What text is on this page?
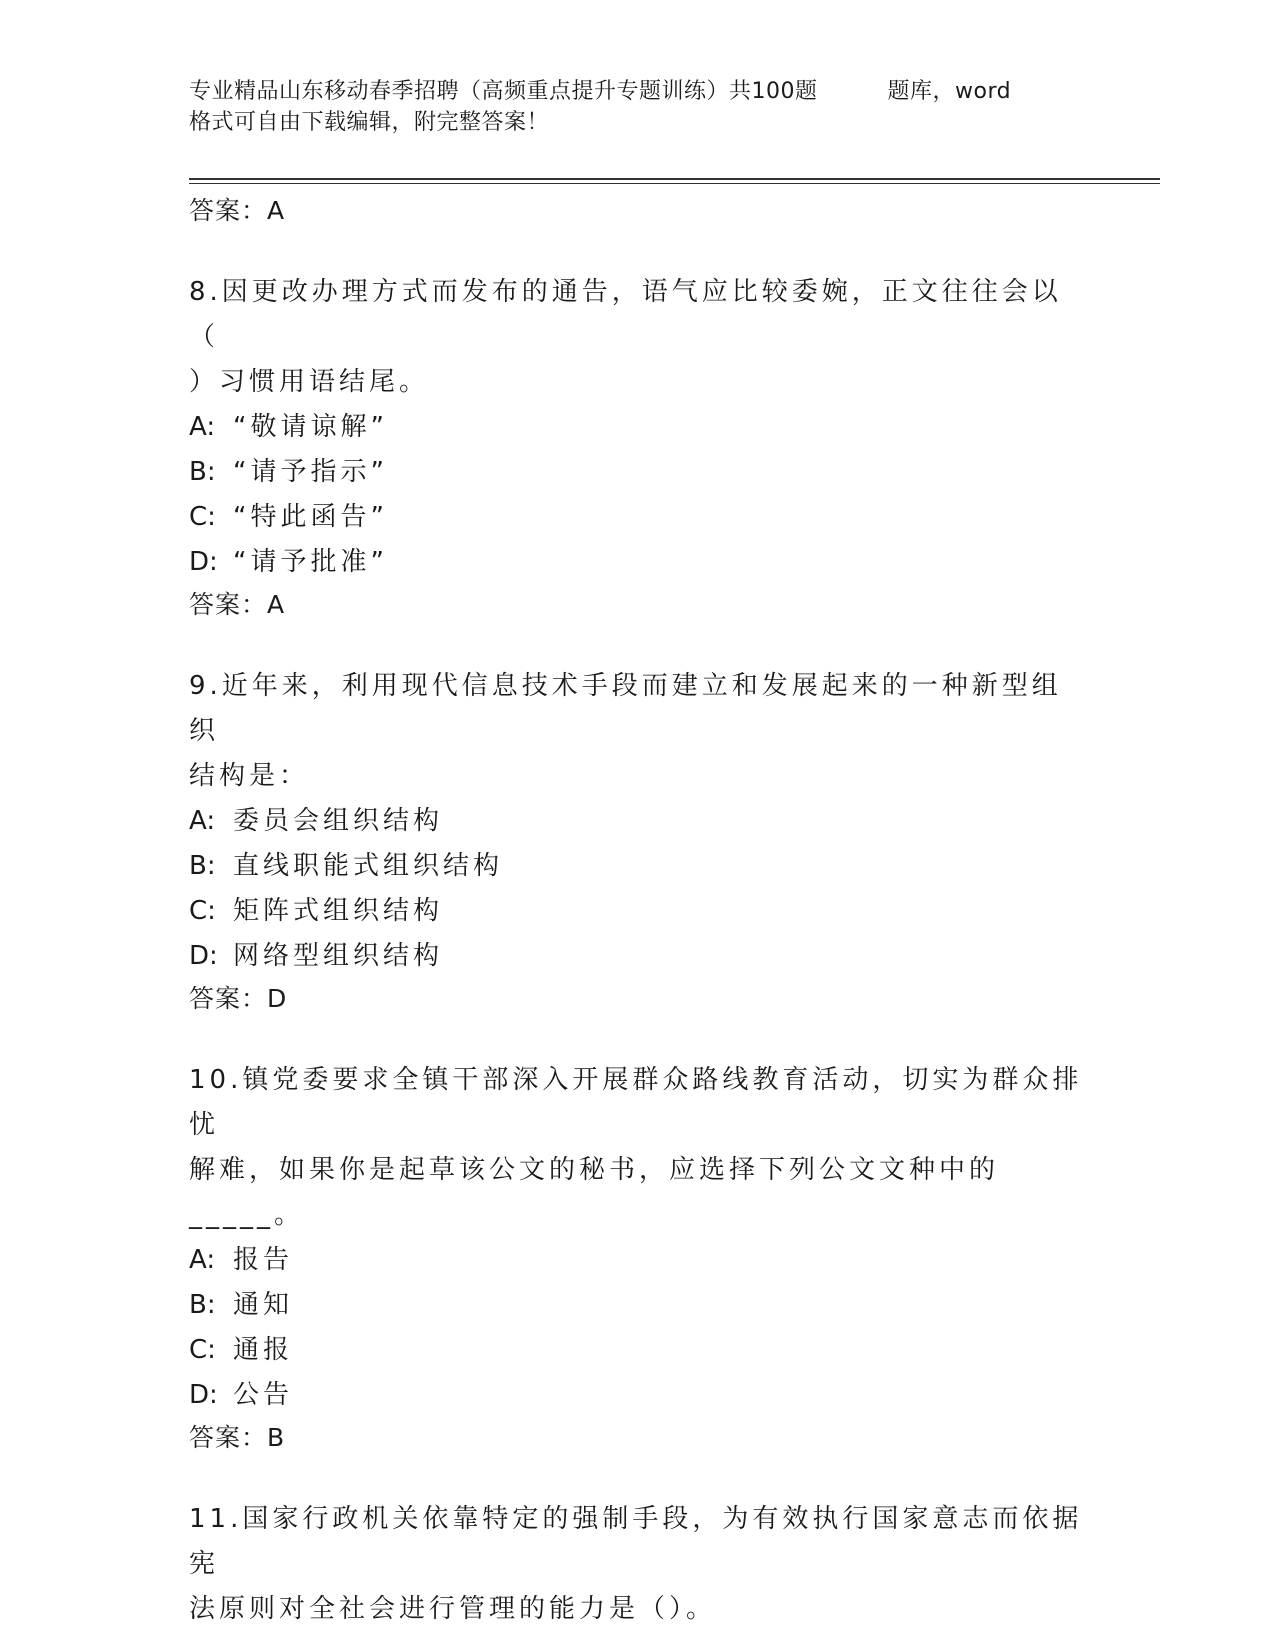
专业精品山东移动春季招聘（高频重点提升专题训练）共100题	题库，word
格式可自由下载编辑，附完整答案！
答案：A
8.因更改办理方式而发布的通告，语气应比较委婉，正文往往会以（
）习惯用语结尾。
A: “敬请谅解”
B: “请予指示”
C: “特此函告”
D: “请予批准”
答案：A
9.近年来，利用现代信息技术手段而建立和发展起来的一种新型组织
结构是：
A: 委员会组织结构
B: 直线职能式组织结构
C: 矩阵式组织结构
D: 网络型组织结构
答案：D
10.镇党委要求全镇干部深入开展群众路线教育活动，切实为群众排忧
解难，如果你是起草该公文的秘书，应选择下列公文文种中的_____。
A: 报告
B: 通知
C: 通报
D: 公告
答案：B
11.国家行政机关依靠特定的强制手段，为有效执行国家意志而依据宪
法原则对全社会进行管理的能力是（）。
